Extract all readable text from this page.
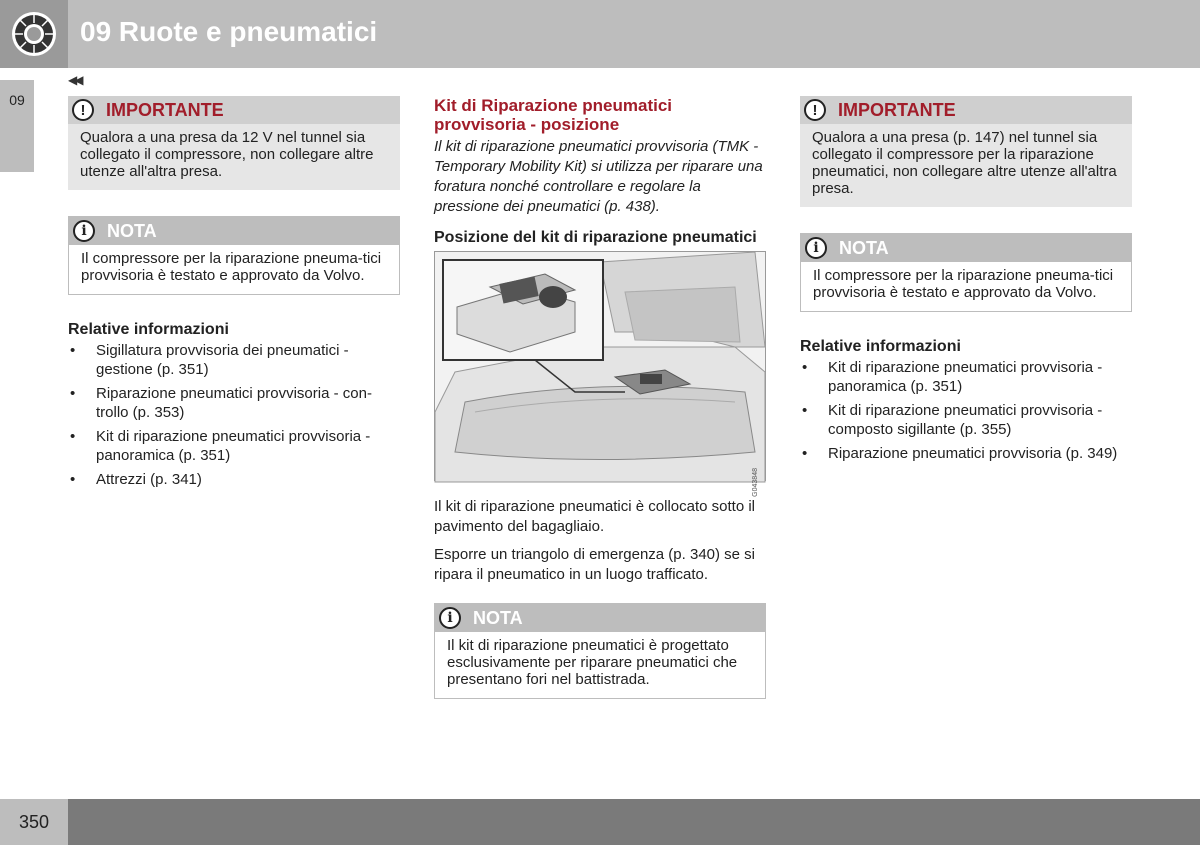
09 Ruote e pneumatici
09
◀◀
!	IMPORTANTE
Qualora a una presa da 12 V nel tunnel sia collegato il compressore, non collegare altre utenze all'altra presa.
i	NOTA
Il compressore per la riparazione pneuma-tici provvisoria è testato e approvato da Volvo.
Relative informazioni
• Sigillatura provvisoria dei pneumatici - gestione (p. 351)
• Riparazione pneumatici provvisoria - con-trollo (p. 353)
• Kit di riparazione pneumatici provvisoria - panoramica (p. 351)
• Attrezzi (p. 341)
Kit di Riparazione pneumatici provvisoria - posizione
Il kit di riparazione pneumatici provvisoria (TMK - Temporary Mobility Kit) si utilizza per riparare una foratura nonché controllare e regolare la pressione dei pneumatici (p. 438).
Posizione del kit di riparazione pneumatici
G043848
Il kit di riparazione pneumatici è collocato sotto il pavimento del bagagliaio.
Esporre un triangolo di emergenza (p. 340) se si ripara il pneumatico in un luogo trafficato.
i	NOTA
Il kit di riparazione pneumatici è progettato esclusivamente per riparare pneumatici che presentano fori nel battistrada.
!	IMPORTANTE
Qualora a una presa (p. 147) nel tunnel sia collegato il compressore per la riparazione pneumatici, non collegare altre utenze all'altra presa.
i	NOTA
Il compressore per la riparazione pneuma-tici provvisoria è testato e approvato da Volvo.
Relative informazioni
• Kit di riparazione pneumatici provvisoria - panoramica (p. 351)
• Kit di riparazione pneumatici provvisoria - composto sigillante (p. 355)
• Riparazione pneumatici provvisoria (p. 349)
350
